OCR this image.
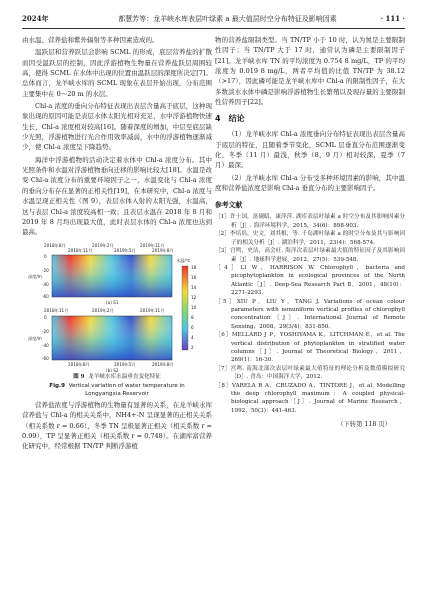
2024年	都慧芳等：龙羊峡水库表层叶绿素 a 最大值层时空分布特征及影响因素	· 111 ·

由水温、营养盐和紫外辐射等多种因素造成的。

温跃层和营养跃层会影响 SCML 的形成，底层营养盐的扩散而因受温跃层的控制，因此浮游植物生物量在营养盐跃层周围较高，使得 SCML 在水体中出现的位置由温跃层的深度所决定[7]。总体而言，龙羊峡水库的 SCML 现象在表层开始出现，分布范围主要集中在 0～20 m 的水层。

Chl-a 浓度的垂向分布特征表现出表层含量高于底层，这种现象出现的原因可能是表层水体太阳光相对充足，水中浮游植物快速生长，Chl-a 浓度相对较高[16]。随着深度的增加，中层至底层缺少光照，浮游植物进行光合作用效率减弱，水中的浮游植物逐渐减少，使 Chl-a 浓度呈下降趋势。

海洋中浮游植物的活动决定着水体中 Chl-a 浓度分布。其中光照条件和水温对浮游植物垂向迁移的影响比较大[18]。水温是改变 Chl-a 浓度分布的重要环境因子之一，水温变化与 Chl-a 浓度的垂向分布存在显著的正相关性[19]，在本研究中，Chl-a 浓度与水温呈现正相关性（图 9），表层水体入射的太阳光强，水温高，这与表层 Chl-a 浓度较高相一致；且表层水温在 2018 年 8 月和 2019 年 8 月均出现最大值，此时表层水体的 Chl-a 浓度也达到最高。

2018年8月	2019年2月	2019年11月
2018年11月	2019年5月	2019年8月
深度/m
0
-20
-40
-60
(a) S1
2018年11月	2019年2月	2019年11月
深度/m
0
-20
-40
-60
2018年8月	2019年5月	2019年8月
(b) S2
水温/℃
18
16
14
12
10
8
6
4
2
图 9 龙羊峡水库水温垂直变化特征
Fig.9 Vertical variation of water temperature in
Longyangxia Reservoir

营养盐浓度与浮游植物的生物量有显著的关系，在龙羊峡水库营养盐与 Chl-a 的相关关系中，NH4+-N 呈现显著的正相关关系（相关系数 r = 0.66），冬季 TN 呈极显著正相关（相关系数 r = 0.99），TP 呈显著正相关（相关系数 r = 0.748）。在湖库富营养化研究中，经常根据 TN/TP 判断浮游植

物的营养盐限制类型。当 TN/TP 小于 10 时，认为氮是主要限制性因子；当 TN/TP 大于 17 时，通常认为磷是主要限制因子[21]。龙羊峡水库 TN 的平均浓度为 0.754 8 mg/L，TP 的平均浓度为 0.019 8 mg/L，两者平均值的比值 TN/TP 为 38.12（>17），因此磷可能是龙羊峡水库中 Chl-a 的限制性因子，在大多数淡水水体中磷是影响浮游植物生长繁殖以及现存量的主要限制性营养因子[22]。

4　结论

（1）龙羊峡水库 Chl-a 浓度垂向分布特征表现出表层含量高于底层的特征，且随着季节变化，SCML 层垂直分布范围逐渐变化，冬季（11 月）最浅，秋季（8，9 月）相对较深，夏季（7 月）最深。

（2）龙羊峡水库 Chl-a 分布受多种环境因素的影响，其中温度和营养盐浓度是影响 Chl-a 垂直分布的主要影响因子。

参考文献
［1］许士国，富砚昭，康萍萍. 湖库表层叶绿素 a 时空分布及其影响因素分析［J］. 海洋环境科学，2015，34(6)：898-903.
［2］李培培，史文，刘其根，等. 千岛湖叶绿素 a 的时空分布及其与影响因子的相关分析［J］. 湖泊科学，2011，23(4)：568-574.
［3］宫鸣，史洁，高会旺. 海洋次表层叶绿素最大值的特征因子及其影响因素［J］. 地球科学进展，2012，27(5)：539-548.
［4］LI W，HARRISON W. Chlorophyll，bacteria and picophytoplankton in ecological provinces of the North Atlantic［J］. Deep-Sea Research Part Ⅱ，2001，48(10)：2271-2293.
［5］XIU P，LIU Y，TANG J. Variations of ocean colour parameters with nonuniform vertical profiles of chlorophyll concentration［J］. International Journal of Remote Sensing，2008，29(3/4)：831-850.
［6］MELLARD J P，YOSHIYAMA K，LITCHMAN E，et al. The vertical distribution of phytoplankton in stratified water columns［J］. Journal of Theoretical Biology，2011，269(1)：16-30.
［7］宫鸣. 南海北部次表层叶绿素最大值特征的理论分析及数值模拟研究［D］. 青岛：中国海洋大学，2012.
［8］VARELA R A，CRUZADO A，TINTORE J，et al. Modelling the deep chlorophyll maximum：A coupled physical-biological approach［J］. Journal of Marine Research，1992，50(3)：441-463.
（下转第 118 页）
